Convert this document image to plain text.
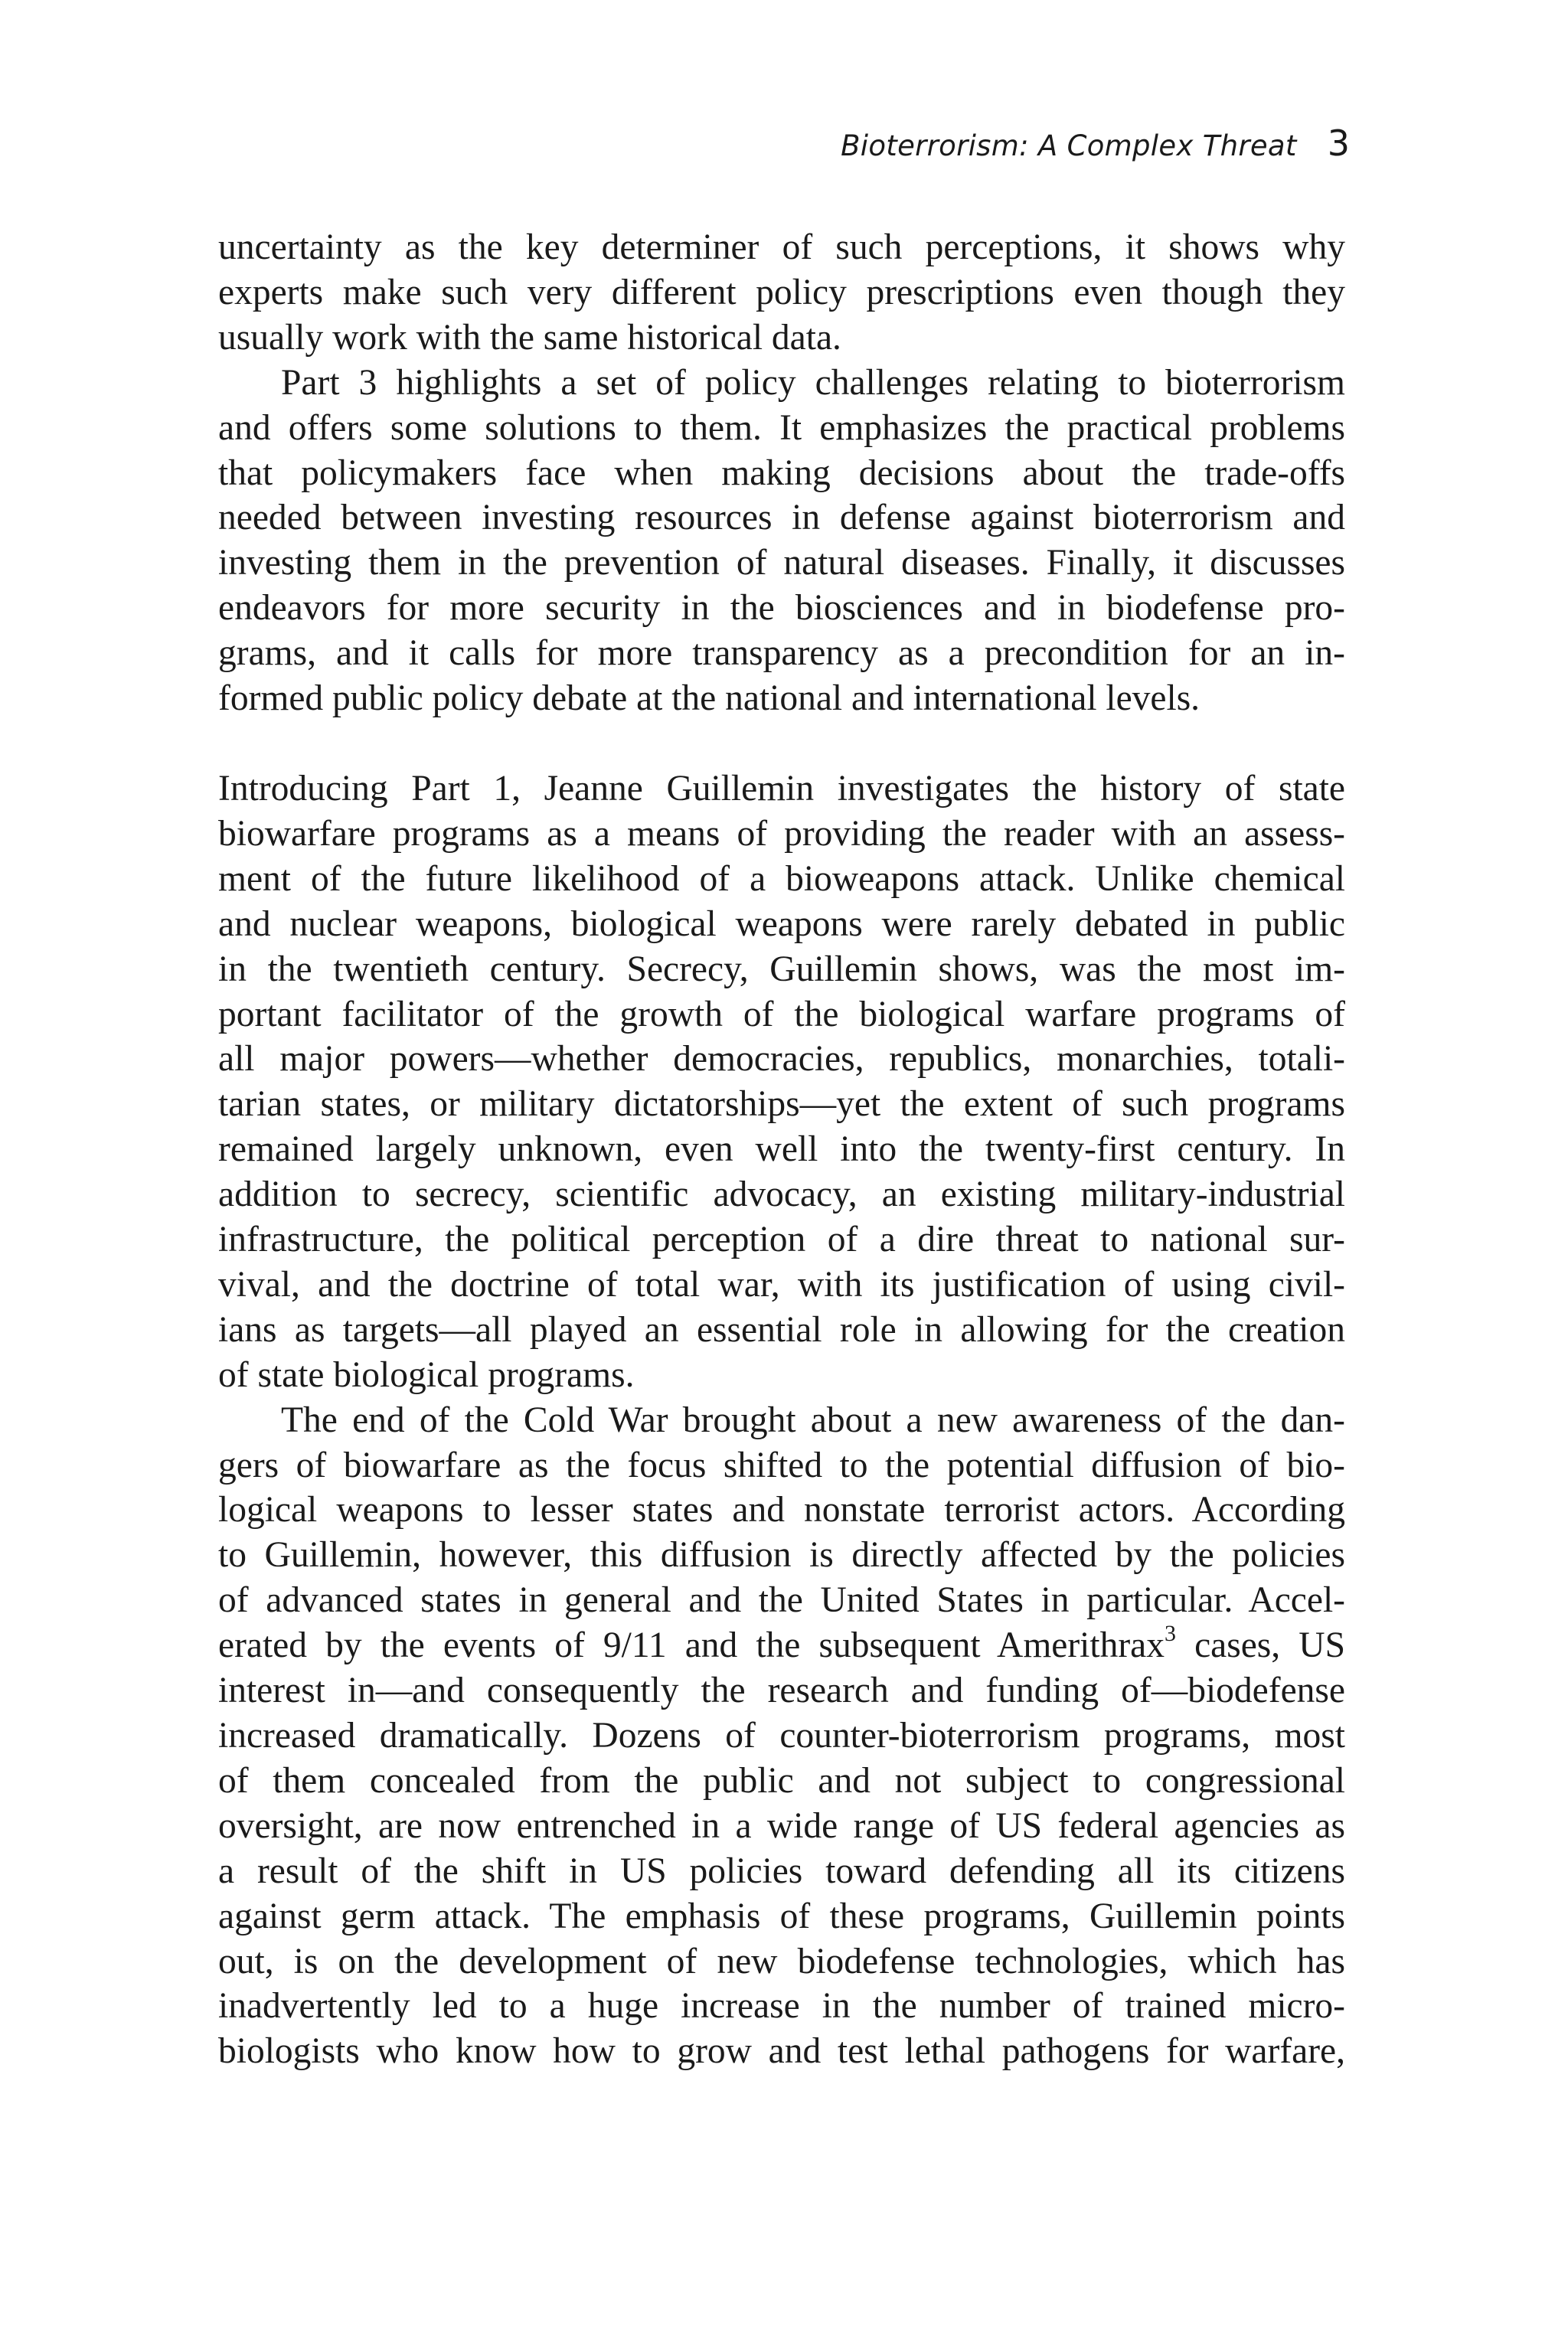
Bioterrorism: A Complex Threat 3

uncertainty as the key determiner of such perceptions, it shows why
experts make such very different policy prescriptions even though they
usually work with the same historical data.

Part 3 highlights a set of policy challenges relating to bioterrorism
and offers some solutions to them. It emphasizes the practical problems
that policymakers face when making decisions about the trade-offs
needed between investing resources in defense against bioterrorism and
investing them in the prevention of natural diseases. Finally, it discusses
endeavors for more security in the biosciences and in biodefense pro-
grams, and it calls for more transparency as a precondition for an in-
formed public policy debate at the national and international levels.

Introducing Part 1, Jeanne Guillemin investigates the history of state
biowarfare programs as a means of providing the reader with an assess-
ment of the future likelihood of a bioweapons attack. Unlike chemical
and nuclear weapons, biological weapons were rarely debated in public
in the twentieth century. Secrecy, Guillemin shows, was the most im-
portant facilitator of the growth of the biological warfare programs of
all major powers—whether democracies, republics, monarchies, totali-
tarian states, or military dictatorships—yet the extent of such programs
remained largely unknown, even well into the twenty-first century. In
addition to secrecy, scientific advocacy, an existing military-industrial
infrastructure, the political perception of a dire threat to national sur-
vival, and the doctrine of total war, with its justification of using civil-
ians as targets—all played an essential role in allowing for the creation
of state biological programs.

The end of the Cold War brought about a new awareness of the dan-
gers of biowarfare as the focus shifted to the potential diffusion of bio-
logical weapons to lesser states and nonstate terrorist actors. According
to Guillemin, however, this diffusion is directly affected by the policies
of advanced states in general and the United States in particular. Accel-
erated by the events of 9/11 and the subsequent Amerithrax$^3$ cases, US
interest in—and consequently the research and funding of—biodefense
increased dramatically. Dozens of counter-bioterrorism programs, most
of them concealed from the public and not subject to congressional
oversight, are now entrenched in a wide range of US federal agencies as
a result of the shift in US policies toward defending all its citizens
against germ attack. The emphasis of these programs, Guillemin points
out, is on the development of new biodefense technologies, which has
inadvertently led to a huge increase in the number of trained micro-
biologists who know how to grow and test lethal pathogens for warfare,
